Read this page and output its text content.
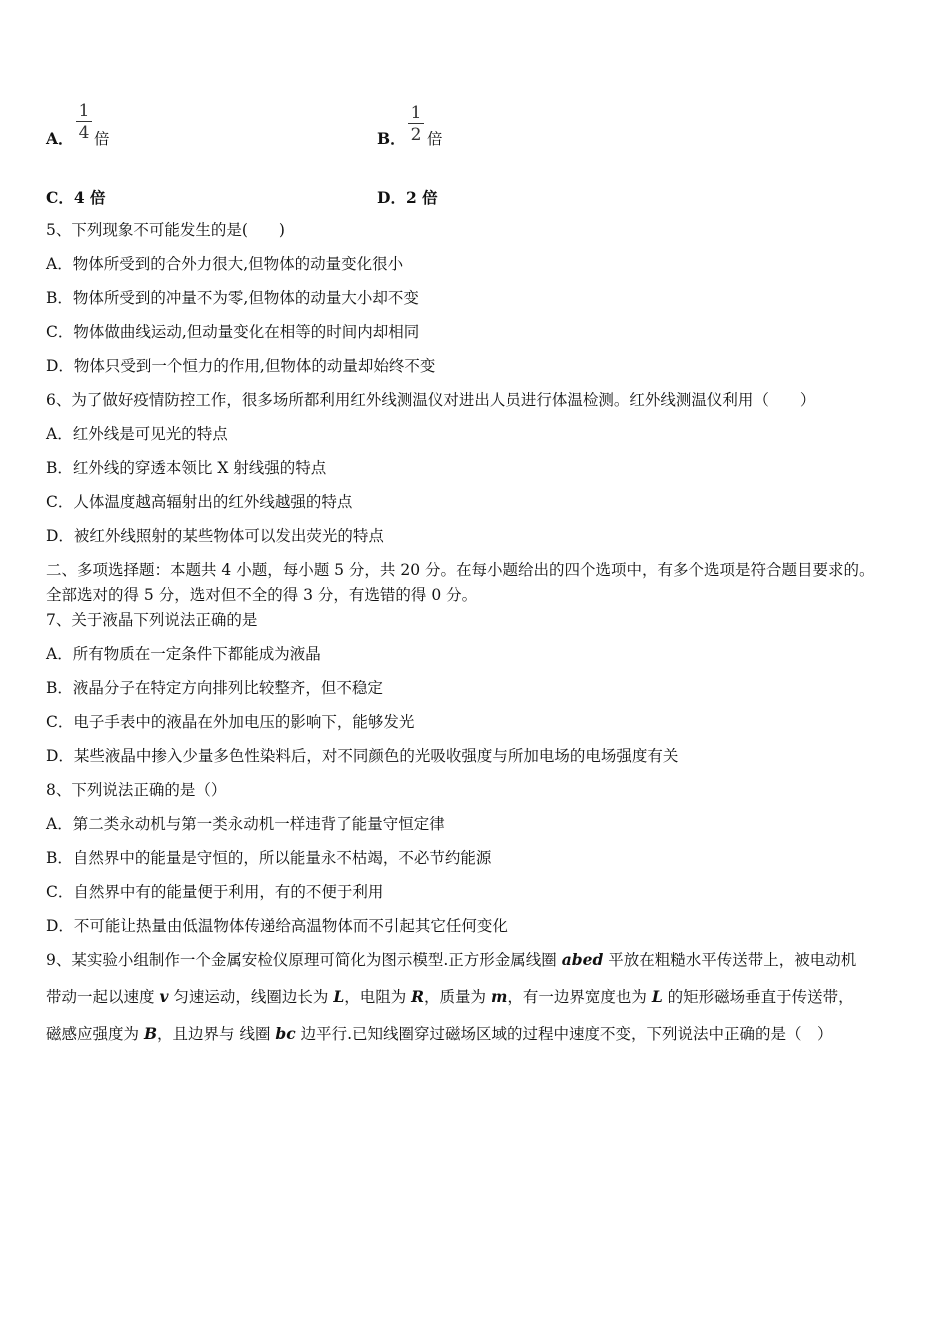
A．
1
4 倍	B．
1
2 倍
C．4 倍	D．2 倍
5、下列现象不可能发生的是(　　)
A．物体所受到的合外力很大,但物体的动量变化很小
B．物体所受到的冲量不为零,但物体的动量大小却不变
C．物体做曲线运动,但动量变化在相等的时间内却相同
D．物体只受到一个恒力的作用,但物体的动量却始终不变
6、为了做好疫情防控工作，很多场所都利用红外线测温仪对进出人员进行体温检测。红外线测温仪利用（　　）
A．红外线是可见光的特点
B．红外线的穿透本领比 X 射线强的特点
C．人体温度越高辐射出的红外线越强的特点
D．被红外线照射的某些物体可以发出荧光的特点
二、多项选择题：本题共 4 小题，每小题 5 分，共 20 分。在每小题给出的四个选项中，有多个选项是符合题目要求的。
全部选对的得 5 分，选对但不全的得 3 分，有选错的得 0 分。
7、关于液晶下列说法正确的是
A．所有物质在一定条件下都能成为液晶
B．液晶分子在特定方向排列比较整齐，但不稳定
C．电子手表中的液晶在外加电压的影响下，能够发光
D．某些液晶中掺入少量多色性染料后，对不同颜色的光吸收强度与所加电场的电场强度有关
8、下列说法正确的是（）
A．第二类永动机与第一类永动机一样违背了能量守恒定律
B．自然界中的能量是守恒的，所以能量永不枯竭，不必节约能源
C．自然界中有的能量便于利用，有的不便于利用
D．不可能让热量由低温物体传递给高温物体而不引起其它任何变化
9、某实验小组制作一个金属安检仪原理可简化为图示模型.正方形金属线圈 abed 平放在粗糙水平传送带上，被电动机
带动一起以速度 v 匀速运动，线圈边长为 L，电阻为 R，质量为 m，有一边界宽度也为 L 的矩形磁场垂直于传送带，
磁感应强度为 B，且边界与 线圈 bc 边平行.已知线圈穿过磁场区域的过程中速度不变，下列说法中正确的是（　）
